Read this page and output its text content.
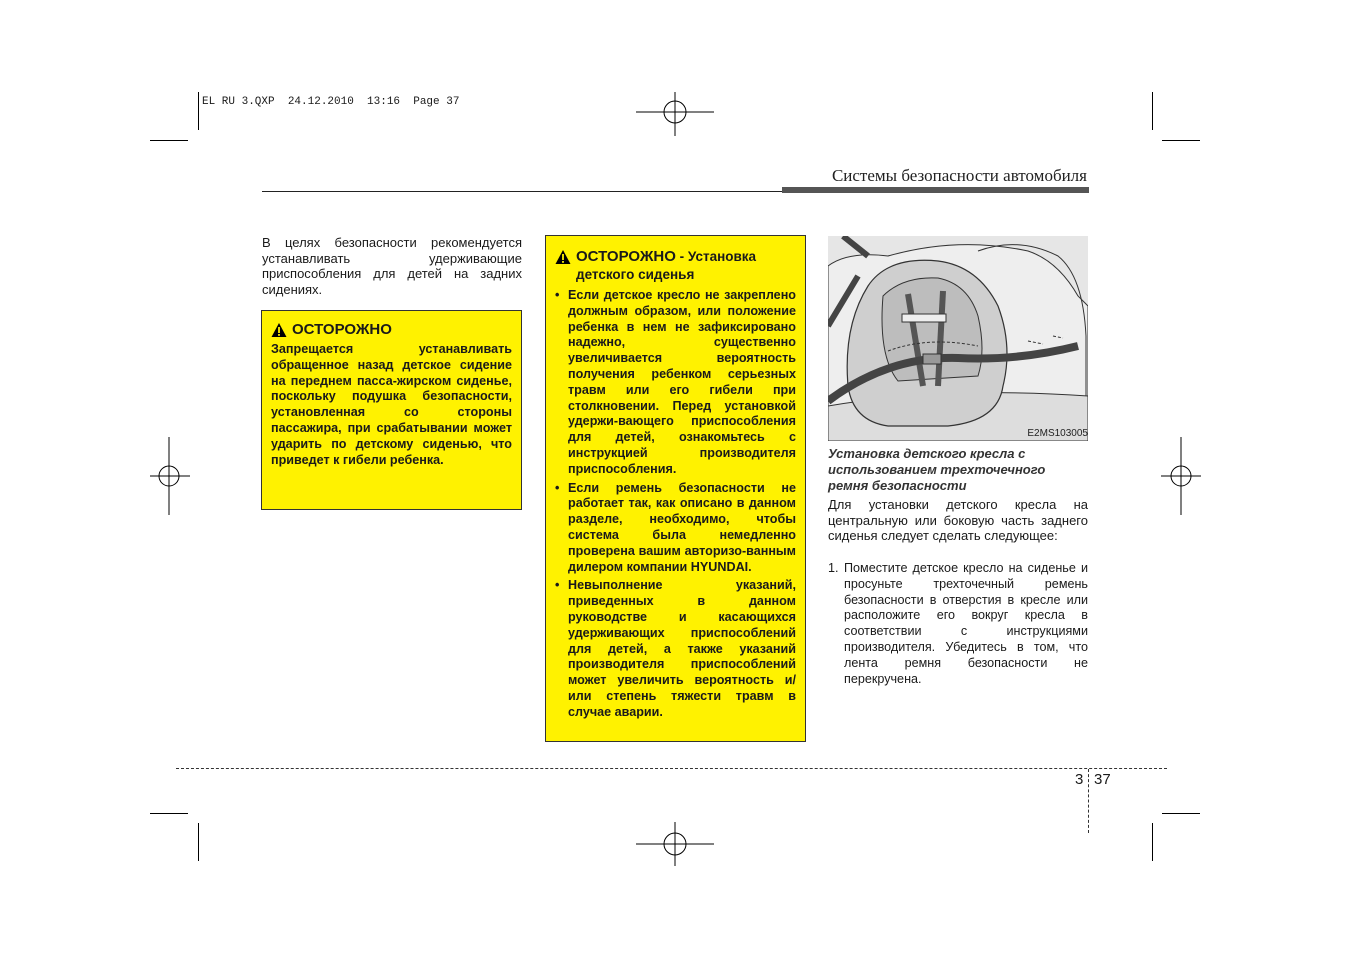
EL RU 3.QXP  24.12.2010  13:16  Page 37
Системы безопасности автомобиля
В целях безопасности рекомендуется устанавливать удерживающие приспособления для детей на задних сидениях.
ОСТОРОЖНО
Запрещается устанавливать обращенное назад детское сидение на переднем пасса-жирском сиденье, поскольку подушка безопасности, установленная со стороны пассажира, при срабатывании может ударить по детскому сиденью, что приведет к гибели ребенка.
ОСТОРОЖНО - Установка детского сиденья
• Если детское кресло не закреплено должным образом, или положение ребенка в нем не зафиксировано надежно, существенно увеличивается вероятность получения ребенком серьезных травм или его гибели при столкновении. Перед установкой удержи-вающего приспособления для детей, ознакомьтесь с инструкцией производителя приспособления.
• Если ремень безопасности не работает так, как описано в данном разделе, необходимо, чтобы система была немедленно проверена вашим авторизо-ванным дилером компании HYUNDAI.
• Невыполнение указаний, приведенных в данном руководстве и касающихся удерживающих приспособлений для детей, а также указаний производителя приспособлений может увеличить вероятность и/или степень тяжести травм в случае аварии.
E2MS103005
Установка детского кресла с использованием трехточечного ремня безопасности
Для установки детского кресла на центральную или боковую часть заднего сиденья следует сделать следующее:
1. Поместите детское кресло на сиденье и просуньте трехточечный ремень безопасности в отверстия в кресле или расположите его вокруг кресла в соответствии с инструкциями производителя. Убедитесь в том, что лента ремня безопасности не перекручена.
3 37
